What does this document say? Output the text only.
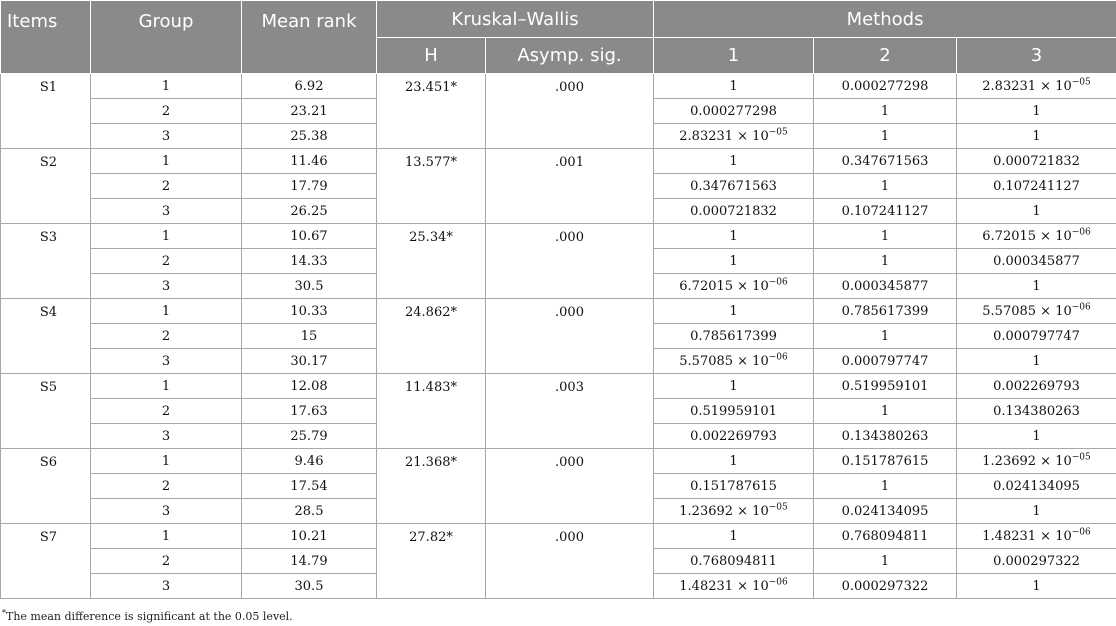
Items	Group	Mean rank	Kruskal–Wallis		Methods		
			H	Asymp. sig.	1	2	3
S1	1	6.92	23.451*	.000	1	0.000277298	$2.83231 \times 10^{-05}$
	2	23.21			0.000277298	1	1
	3	25.38			$2.83231 \times 10^{-05}$	1	1
S2	1	11.46	13.577*	.001	1	0.347671563	0.000721832
	2	17.79			0.347671563	1	0.107241127
	3	26.25			0.000721832	0.107241127	1
S3	1	10.67	25.34*	.000	1	1	$6.72015 \times 10^{-06}$
	2	14.33			1	1	0.000345877
	3	30.5			$6.72015 \times 10^{-06}$	0.000345877	1
S4	1	10.33	24.862*	.000	1	0.785617399	$5.57085 \times 10^{-06}$
	2	15			0.785617399	1	0.000797747
	3	30.17			$5.57085 \times 10^{-06}$	0.000797747	1
S5	1	12.08	11.483*	.003	1	0.519959101	0.002269793
	2	17.63			0.519959101	1	0.134380263
	3	25.79			0.002269793	0.134380263	1
S6	1	9.46	21.368*	.000	1	0.151787615	$1.23692 \times 10^{-05}$
	2	17.54			0.151787615	1	0.024134095
	3	28.5			$1.23692 \times 10^{-05}$	0.024134095	1
S7	1	10.21	27.82*	.000	1	0.768094811	$1.48231 \times 10^{-06}$
	2	14.79			0.768094811	1	0.000297322
	3	30.5			$1.48231 \times 10^{-06}$	0.000297322	1

*The mean difference is significant at the 0.05 level.
